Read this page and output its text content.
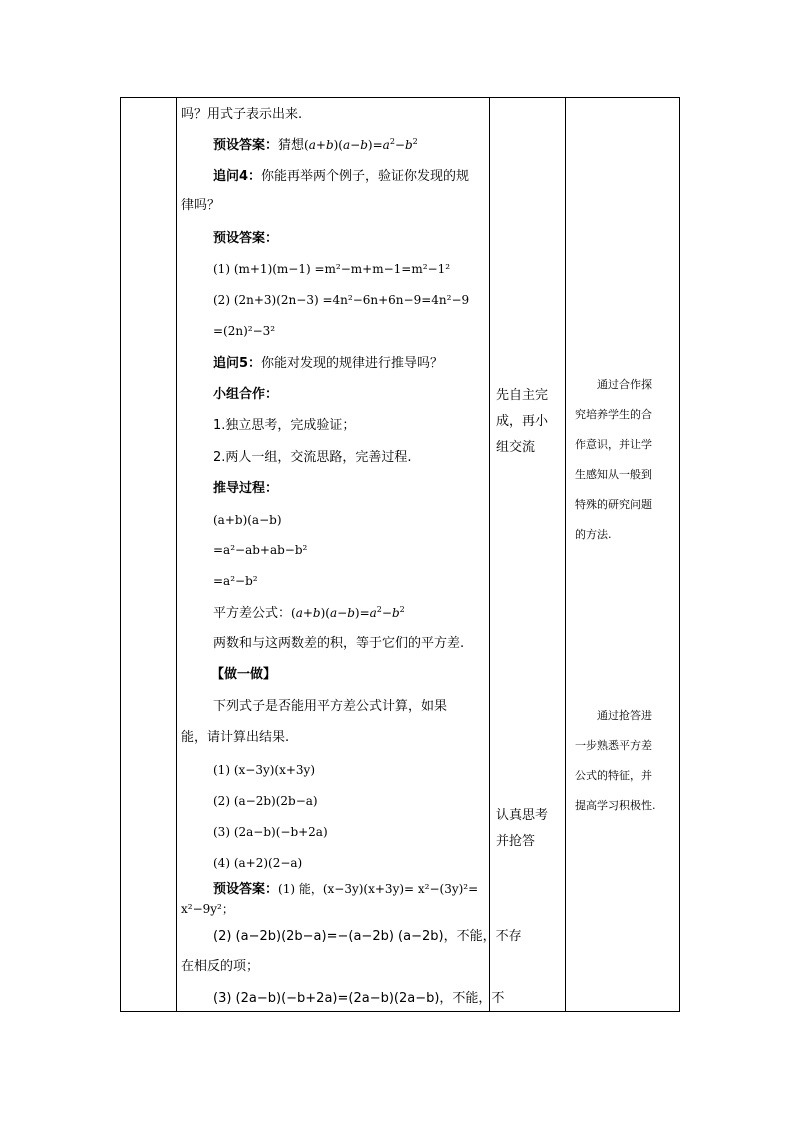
吗？用式子表示出来.
预设答案：猜想$(a+b)(a-b)=a^2-b^2$
追问4：你能再举两个例子，验证你发现的规
律吗？
预设答案：
(1) (m+1)(m−1) =m²−m+m−1=m²−1²
(2) (2n+3)(2n−3) =4n²−6n+6n−9=4n²−9
=(2n)²−3²
追问5：你能对发现的规律进行推导吗？
小组合作：
1.独立思考，完成验证；
2.两人一组，交流思路，完善过程.
推导过程：
(a+b)(a−b)
=a²−ab+ab−b²
=a²−b²
平方差公式：$(a+b)(a-b)=a^2-b^2$
两数和与这两数差的积，等于它们的平方差.
【做一做】
下列式子是否能用平方差公式计算，如果
能，请计算出结果.
(1) (x−3y)(x+3y)
(2) (a−2b)(2b−a)
(3) (2a−b)(−b+2a)
(4) (a+2)(2−a)
预设答案：(1) 能，(x−3y)(x+3y)= x²−(3y)²=
x²−9y²；
(2) (a−2b)(2b−a)=−(a−2b) (a−2b)，不能，不存
在相反的项；
(3) (2a−b)(−b+2a)=(2a−b)(2a−b)，不能，不
先自主完
成，再小
组交流
认真思考
并抢答
通过合作探
究培养学生的合
作意识，并让学
生感知从一般到
特殊的研究问题
的方法.
通过抢答进
一步熟悉平方差
公式的特征，并
提高学习积极性.
